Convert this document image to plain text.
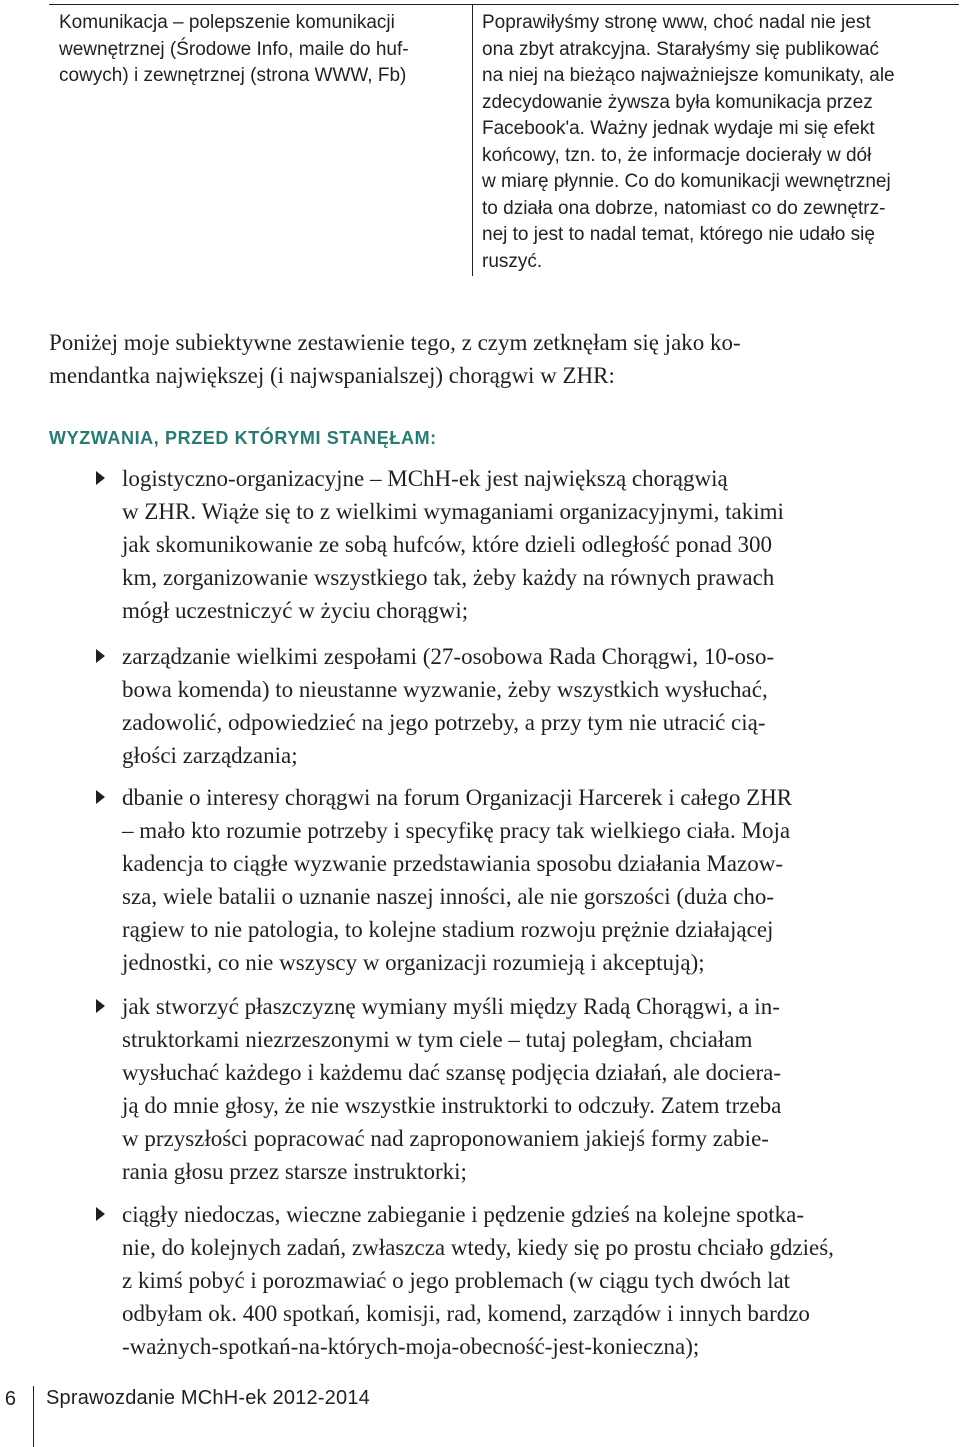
Komunikacja – polepszenie komunikacji
wewnętrznej (Środowe Info, maile do huf-
cowych) i zewnętrznej (strona WWW, Fb)
Poprawiłyśmy stronę www, choć nadal nie jest
ona zbyt atrakcyjna. Starałyśmy się publikować
na niej na bieżąco najważniejsze komunikaty, ale
zdecydowanie żywsza była komunikacja przez
Facebook'a. Ważny jednak wydaje mi się efekt
końcowy, tzn. to, że informacje docierały w dół
w miarę płynnie. Co do komunikacji wewnętrznej
to działa ona dobrze, natomiast co do zewnętrz-
nej to jest to nadal temat, którego nie udało się
ruszyć.
Poniżej moje subiektywne zestawienie tego, z czym zetknęłam się jako ko-
mendantka największej (i najwspanialszej) chorągwi w ZHR:
WYZWANIA, PRZED KTÓRYMI STANĘŁAM:
logistyczno-organizacyjne – MChH-ek jest największą chorągwią
w ZHR. Wiąże się to z wielkimi wymaganiami organizacyjnymi, takimi
jak skomunikowanie ze sobą hufców, które dzieli odległość ponad 300
km, zorganizowanie wszystkiego tak, żeby każdy na równych prawach
mógł uczestniczyć w życiu chorągwi;
zarządzanie wielkimi zespołami (27-osobowa Rada Chorągwi, 10-oso-
bowa komenda) to nieustanne wyzwanie, żeby wszystkich wysłuchać,
zadowolić, odpowiedzieć na jego potrzeby, a przy tym nie utracić cią-
głości zarządzania;
dbanie o interesy chorągwi na forum Organizacji Harcerek i całego ZHR
– mało kto rozumie potrzeby i specyfikę pracy tak wielkiego ciała. Moja
kadencja to ciągłe wyzwanie przedstawiania sposobu działania Mazow-
sza, wiele batalii o uznanie naszej inności, ale nie gorszości (duża cho-
rągiew to nie patologia, to kolejne stadium rozwoju prężnie działającej
jednostki, co nie wszyscy w organizacji rozumieją i akceptują);
jak stworzyć płaszczyznę wymiany myśli między Radą Chorągwi, a in-
struktorkami niezrzeszonymi w tym ciele – tutaj poległam, chciałam
wysłuchać każdego i każdemu dać szansę podjęcia działań, ale dociera-
ją do mnie głosy, że nie wszystkie instruktorki to odczuły. Zatem trzeba
w przyszłości popracować nad zaproponowaniem jakiejś formy zabie-
rania głosu przez starsze instruktorki;
ciągły niedoczas, wieczne zabieganie i pędzenie gdzieś na kolejne spotka-
nie, do kolejnych zadań, zwłaszcza wtedy, kiedy się po prostu chciało gdzieś,
z kimś pobyć i porozmawiać o jego problemach (w ciągu tych dwóch lat
odbyłam ok. 400 spotkań, komisji, rad, komend, zarządów i innych bardzo
-ważnych-spotkań-na-których-moja-obecność-jest-konieczna);
6 Sprawozdanie MChH-ek 2012-2014
